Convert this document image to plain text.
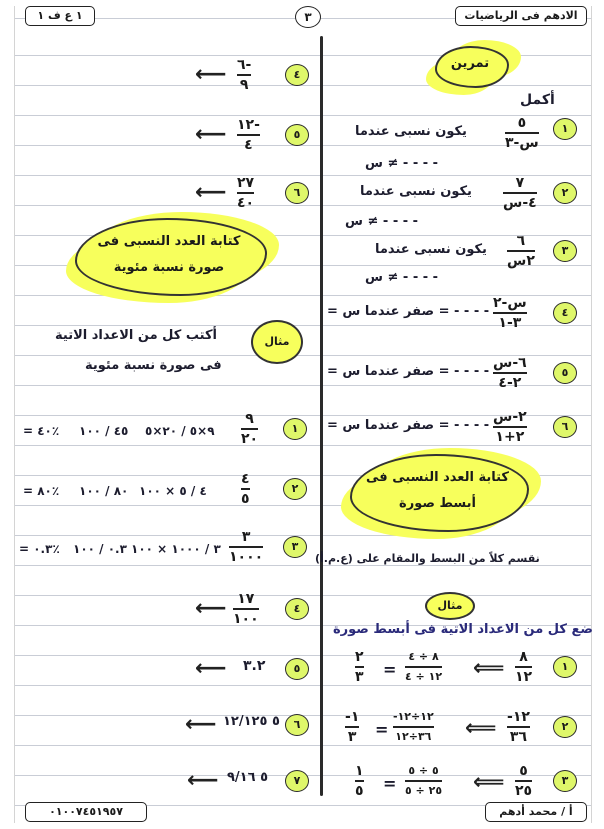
الادهم فى الرياضيات
٣
١ ع ف ١
تمرين
أكمل
١
٥
س-٣
يكون نسبى عندما
س ≠ - - - -
٢
٧
٤-س
يكون نسبى عندما
س ≠ - - - -
٣
٦
٢س
يكون نسبى عندما
س ≠ - - - -
٤
س-٢
٣-١
= صفر عندما س = - - - -
٥
٦-س
٢-٤
= صفر عندما س = - - - -
٦
٢-س
٢+١
= صفر عندما س = - - - -
كتابة العدد النسبى فى
أبسط صورة
نقسم كلاً من البسط والمقام على (ع.م.أ)
مثال
ضع كل من الاعداد الاتية فى أبسط صورة
١
٨
١٢
⟸
٨ ÷ ٤
١٢ ÷ ٤
=
٢
٣
٢
-١٢
٣٦
⟸
-١٢÷١٢
٣٦÷١٢
=
-١
٣
٣
٥
٢٥
⟸
٥ ÷ ٥
٢٥ ÷ ٥
=
١
٥
٤
٦-
٩
⟵
٥
١٢-
٤
⟵
٦
٢٧
٤٠
⟵
كتابة العدد النسبى فى
صورة نسبة مئوية
مثال
أكتب كل من الاعداد الاتية
فى صورة نسبة مئوية
١
٩
٢٠
٩×٥ / ٢٠×٥
٤٥ / ١٠٠
= ٤٠٪
٢
٤
٥
٤ / ٥ × ١٠٠
٨٠ / ١٠٠
= ٨٠٪
٣
٣
١٠٠٠
٣ / ١٠٠٠ × ١٠٠
٠.٣ / ١٠٠
= ٠.٣٪
٤
١٧
١٠٠
⟵
٥
٣.٢
⟵
٦
٥ ١٢/١٢٥
⟵
٧
٥ ٩/١٦
⟵
أ / محمد أدهم
٠١٠٠٧٤٥١٩٥٧
